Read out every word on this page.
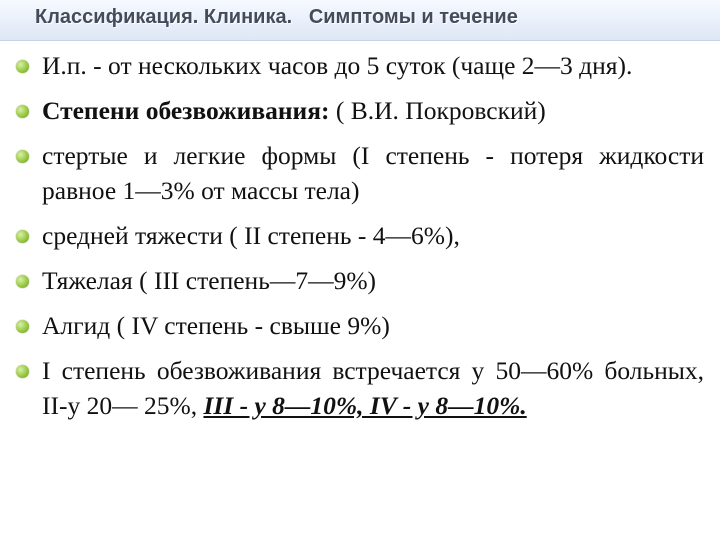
Классификация. Клиника.   Симптомы и течение
И.п. - от нескольких часов до 5 суток (чаще 2—3 дня).
Степени обезвоживания: ( В.И. Покровский)
стертые и легкие формы (I степень - потеря жидкости равное 1—3% от массы тела)
средней тяжести ( II степень - 4—6%),
Тяжелая ( III степень—7—9%)
Алгид ( IV степень - свыше 9%)
I степень обезвоживания встречается у 50—60% больных, II-у 20— 25%, III - у 8—10%, IV - у 8—10%.
